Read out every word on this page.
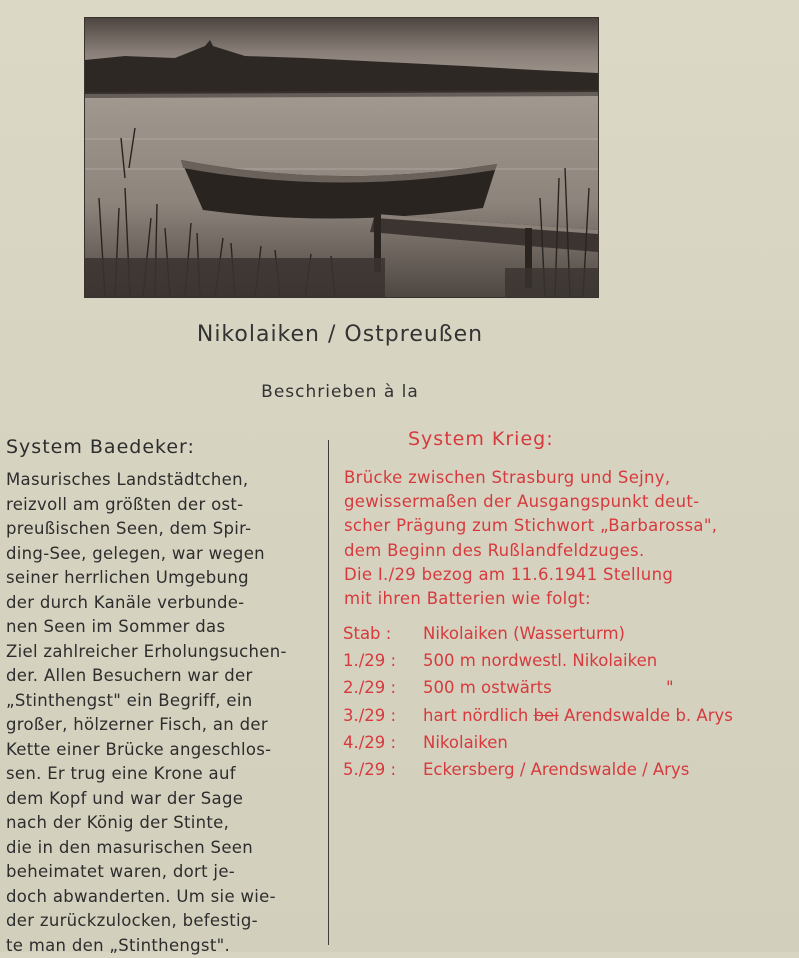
Nikolaiken / Ostpreußen
Beschrieben à la
System Baedeker:
Masurisches Landstädtchen,
reizvoll am größten der ost-
preußischen Seen, dem Spir-
ding-See, gelegen, war wegen
seiner herrlichen Umgebung
der durch Kanäle verbunde-
nen Seen im Sommer das
Ziel zahlreicher Erholungsuchen-
der. Allen Besuchern war der
„Stinthengst" ein Begriff, ein
großer, hölzerner Fisch, an der
Kette einer Brücke angeschlos-
sen. Er trug eine Krone auf
dem Kopf und war der Sage
nach der König der Stinte,
die in den masurischen Seen
beheimatet waren, dort je-
doch abwanderten. Um sie wie-
der zurückzulocken, befestig-
te man den „Stinthengst".
System Krieg:
Brücke zwischen Strasburg und Sejny,
gewissermaßen der Ausgangspunkt deut-
scher Prägung zum Stichwort „Barbarossa",
dem Beginn des Rußlandfeldzuges.
Die I./29 bezog am 11.6.1941 Stellung
mit ihren Batterien wie folgt:
Stab : Nikolaiken (Wasserturm)
1./29 : 500 m nordwestl. Nikolaiken
2./29 : 500 m ostwärts	"
3./29 : hart nördlich bei Arendswalde b. Arys
4./29 : Nikolaiken
5./29 : Eckersberg / Arendswalde / Arys
